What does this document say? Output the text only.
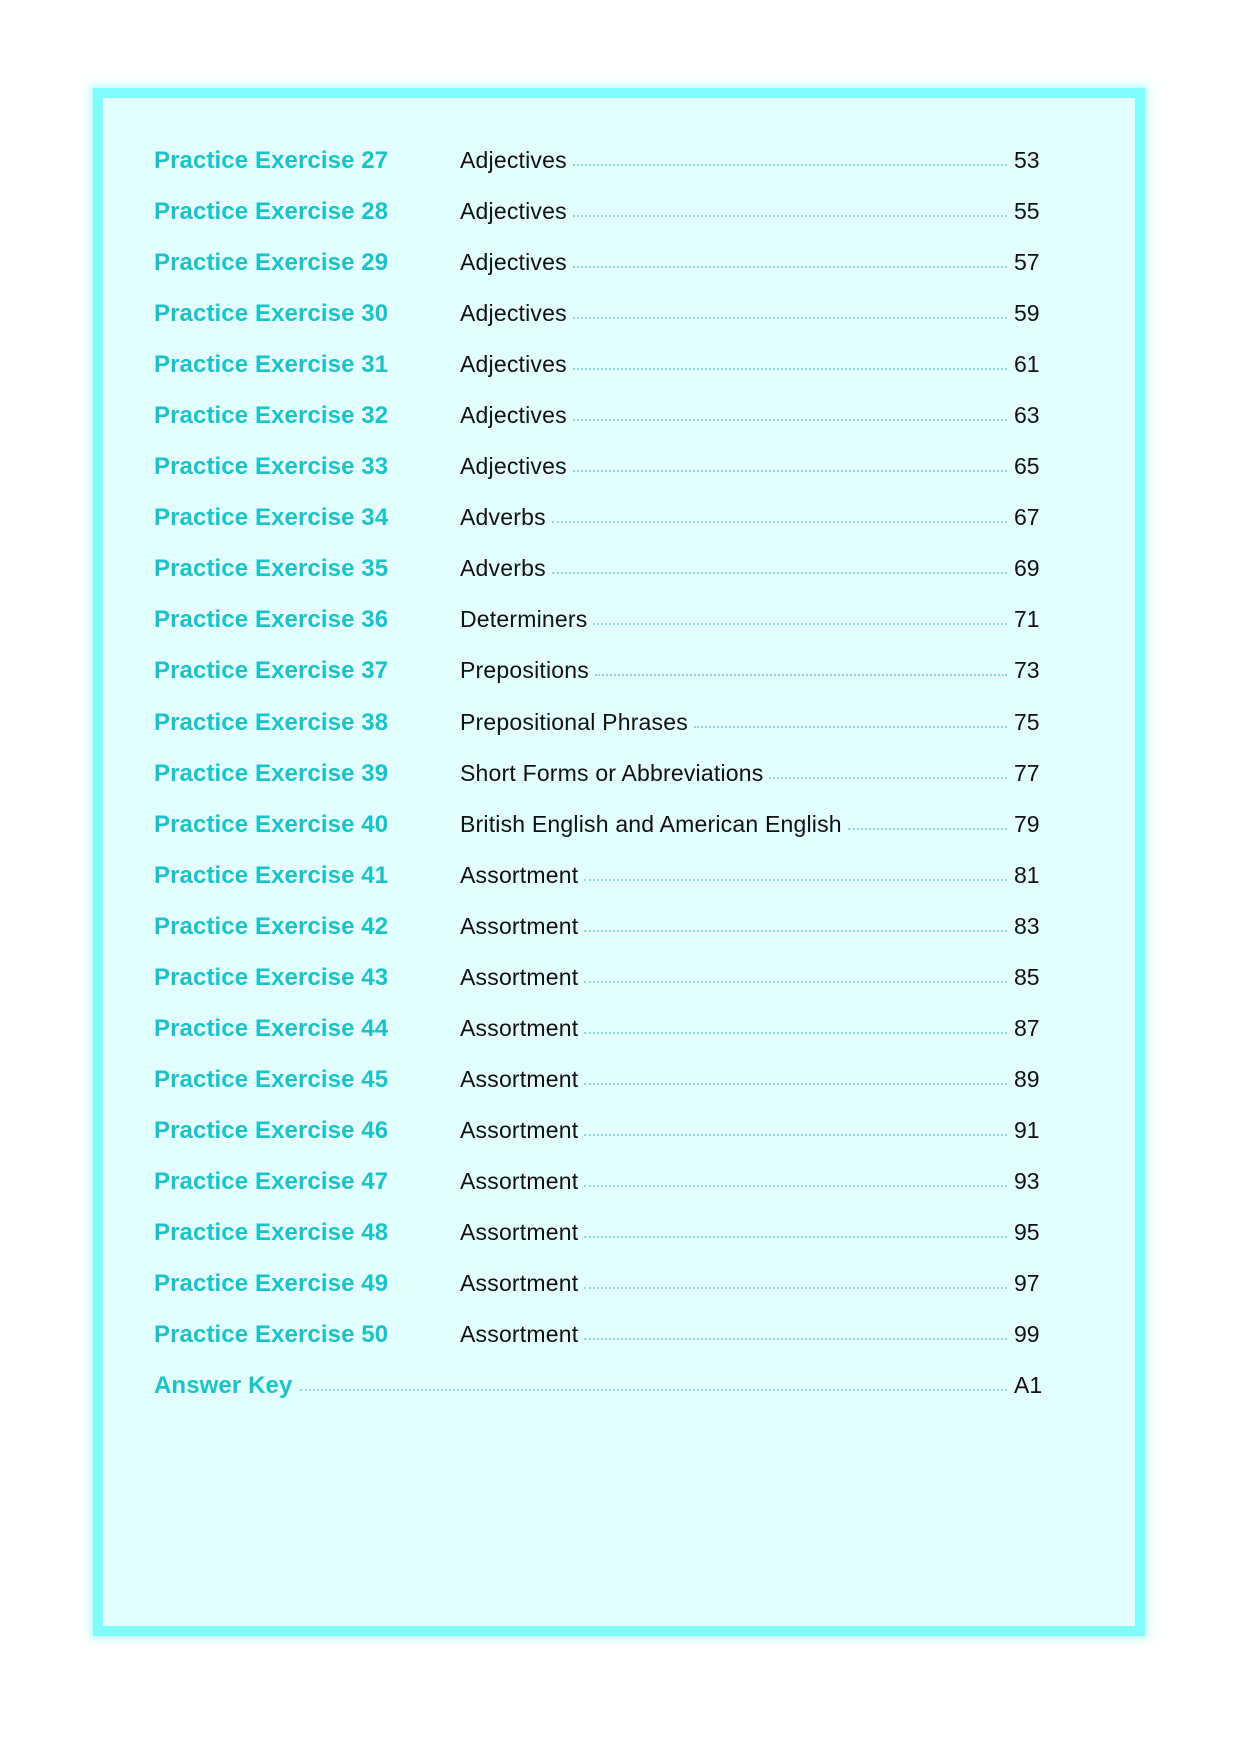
Practice Exercise 27	Adjectives	53
Practice Exercise 28	Adjectives	55
Practice Exercise 29	Adjectives	57
Practice Exercise 30	Adjectives	59
Practice Exercise 31	Adjectives	61
Practice Exercise 32	Adjectives	63
Practice Exercise 33	Adjectives	65
Practice Exercise 34	Adverbs	67
Practice Exercise 35	Adverbs	69
Practice Exercise 36	Determiners	71
Practice Exercise 37	Prepositions	73
Practice Exercise 38	Prepositional Phrases	75
Practice Exercise 39	Short Forms or Abbreviations	77
Practice Exercise 40	British English and American English	79
Practice Exercise 41	Assortment	81
Practice Exercise 42	Assortment	83
Practice Exercise 43	Assortment	85
Practice Exercise 44	Assortment	87
Practice Exercise 45	Assortment	89
Practice Exercise 46	Assortment	91
Practice Exercise 47	Assortment	93
Practice Exercise 48	Assortment	95
Practice Exercise 49	Assortment	97
Practice Exercise 50	Assortment	99
Answer Key	A1
